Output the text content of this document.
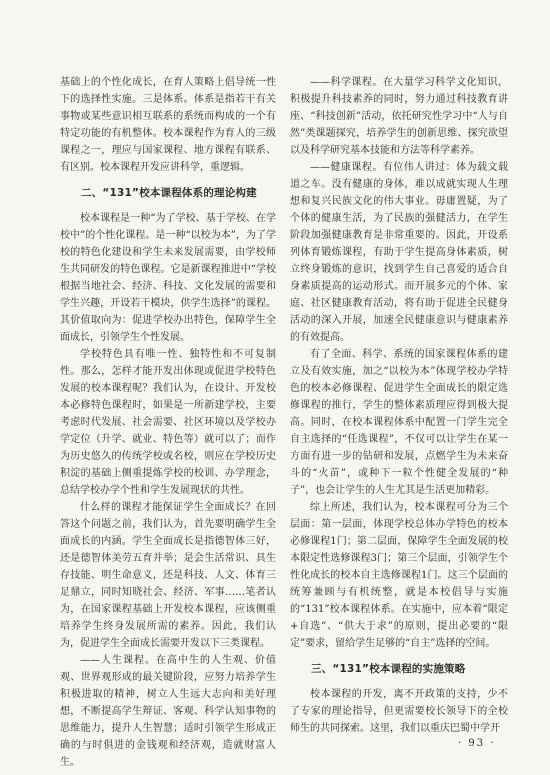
基础上的个性化成长，在育人策略上倡导统一性下的选择性实施。三是体系。体系是指若干有关事物或某些意识相互联系的系统而构成的一个有特定功能的有机整体。校本课程作为育人的三级课程之一，理应与国家课程、地方课程有联系、有区别。校本课程开发应讲科学，重逻辑。

二、“131”校本课程体系的理论构建

校本课程是一种“为了学校、基于学校、在学校中”的个性化课程。是一种“以校为本”，为了学校的特色化建设和学生未来发展需要，由学校师生共同研发的特色课程。它是新课程推进中“学校根据当地社会、经济、科技、文化发展的需要和学生兴趣，开设若干模块，供学生选择”的课程。其价值取向为：促进学校办出特色，保障学生全面成长，引领学生个性发展。

学校特色具有唯一性、独特性和不可复制性。那么，怎样才能开发出体现或促进学校特色发展的校本课程呢？我们认为，在设计、开发校本必修特色课程时，如果是一所新建学校，主要考虑时代发展、社会需要、社区环境以及学校办学定位（升学、就业、特色等）就可以了；而作为历史悠久的传统学校或名校，则应在学校历史积淀的基础上侧重提炼学校的校训、办学理念，总结学校办学个性和学生发展现状的共性。

什么样的课程才能保证学生全面成长？在回答这个问题之前，我们认为，首先要明确学生全面成长的内涵。学生全面成长是指德智体三好，还是德智体美劳五育并举；是会生活常识、具生存技能、明生命意义，还是科技、人文、体育三足鼎立，同时知晓社会、经济、军事……笔者认为，在国家课程基础上开发校本课程，应该侧重培养学生终身发展所需的素养。因此，我们认为，促进学生全面成长需要开发以下三类课程。

——人生课程。在高中生的人生观、价值观、世界观形成的最关键阶段，应努力培养学生积极进取的精神，树立人生远大志向和美好理想，不断提高学生辩证、客观、科学认知事物的思维能力，提升人生智慧；适时引领学生形成正确的与时俱进的金钱观和经济观，造就财富人生。

——科学课程。在大量学习科学文化知识，积极提升科技素养的同时，努力通过科技教育讲座、“科技创新”活动，依托研究性学习中“人与自然”类课题探究，培养学生的创新思维、探究欲望以及科学研究基本技能和方法等科学素养。

——健康课程。有位伟人讲过：体为载文载道之车。没有健康的身体，难以成就实现人生理想和复兴民族文化的伟大事业。毋庸置疑，为了个体的健康生活，为了民族的强健活力，在学生阶段加强健康教育是非常重要的。因此，开设系列体育锻炼课程，有助于学生提高身体素质，树立终身锻炼的意识，找到学生自己喜爱的适合自身素质提高的运动形式。而开展多元的个体、家庭、社区健康教育活动，将有助于促进全民健身活动的深入开展，加速全民健康意识与健康素养的有效提高。

有了全面、科学、系统的国家课程体系的建立及有效实施，加之“以校为本”体现学校办学特色的校本必修课程、促进学生全面成长的限定选修课程的推行，学生的整体素质理应得到极大提高。同时，在校本课程体系中配置一门学生完全自主选择的“任选课程”，不仅可以让学生在某一方面有进一步的钻研和发展，点燃学生为未来奋斗的“火苗”，或种下一粒个性健全发展的“种子”，也会让学生的人生尤其是生活更加精彩。

综上所述，我们认为，校本课程可分为三个层面：第一层面，体现学校总体办学特色的校本必修课程1门；第二层面，保障学生全面发展的校本限定性选修课程3门；第三个层面，引领学生个性化成长的校本自主选修课程1门。这三个层面的统筹兼顾与有机统整，就是本校倡导与实施的“131”校本课程体系。在实施中，应本着“限定+自选”、“供大于求”的原则，提出必要的“限定”要求，留给学生足够的“自主”选择的空间。

三、“131”校本课程的实施策略

校本课程的开发，离不开政策的支持，少不了专家的理论指导，但更需要校长领导下的全校师生的共同探索。这里，我们以重庆巴蜀中学开

· 93 ·
